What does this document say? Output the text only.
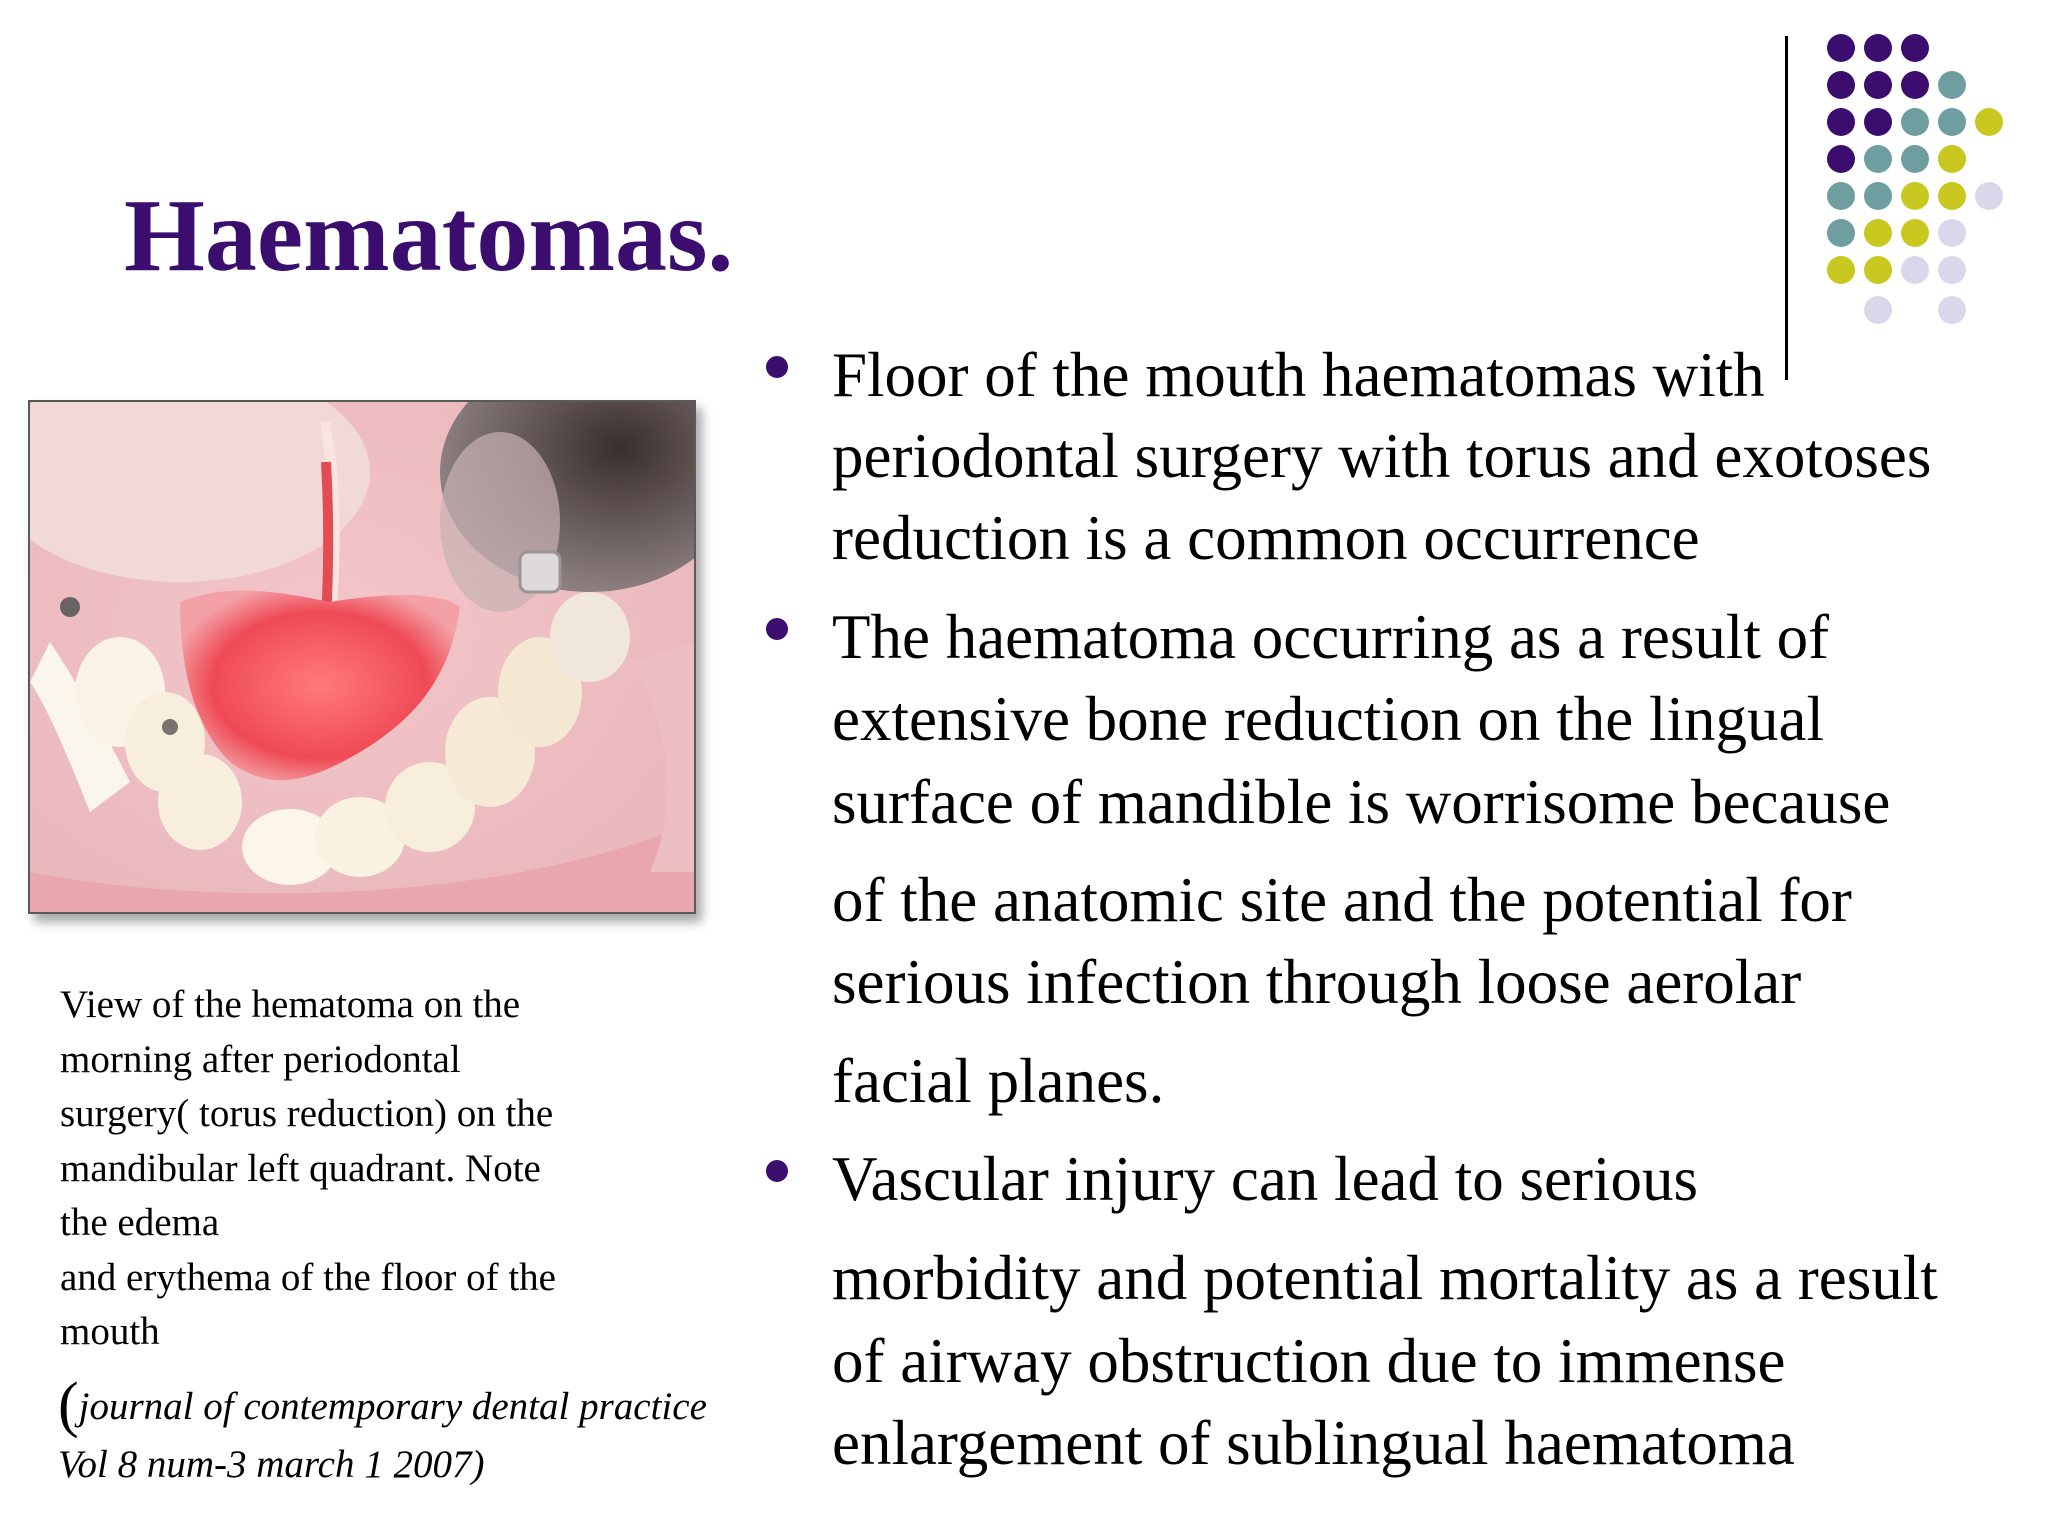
Haematomas.
View of the hematoma on the
morning after periodontal
surgery( torus reduction) on the
mandibular left quadrant. Note
the edema
and erythema of the floor of the
mouth
(journal of contemporary dental practice
Vol 8 num-3 march 1 2007)
Floor of the mouth haematomas with
periodontal surgery with torus and exotoses
reduction is a common occurrence
The haematoma occurring as a result of
extensive bone reduction on the lingual
surface of mandible is worrisome because
of the anatomic site and the potential for
serious infection through loose aerolar
facial planes.
Vascular injury can lead to serious
morbidity and potential mortality as a result
of airway obstruction due to immense
enlargement of sublingual haematoma
